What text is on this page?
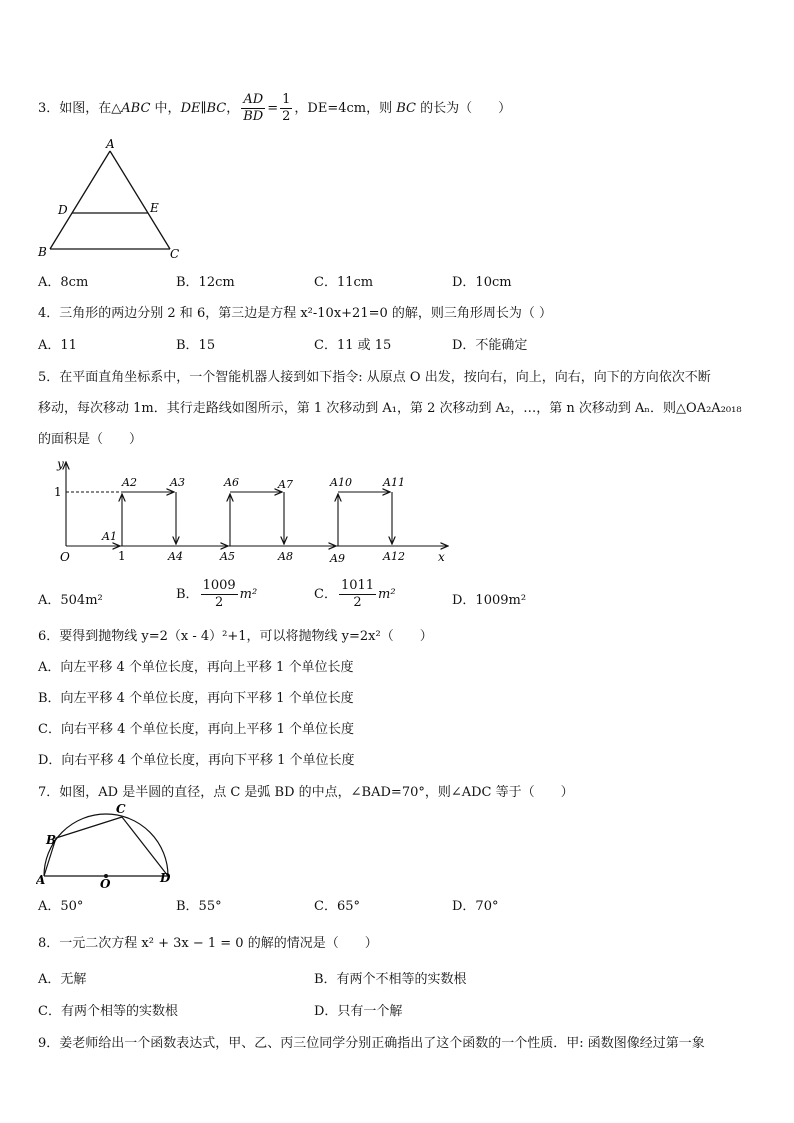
3．如图，在△ABC 中，DE∥BC， $\frac{AD}{BD} = \frac{1}{2}$ ，DE=4cm，则 BC 的长为（　　）
A
D	E
B	C
A．8cm	B．12cm	C．11cm	D．10cm
4．三角形的两边分别 2 和 6，第三边是方程 x²-10x+21=0 的解，则三角形周长为（ ）
A．11	B．15	C．11 或 15	D．不能确定
5．在平面直角坐标系中，一个智能机器人接到如下指令: 从原点 O 出发，按向右，向上，向右，向下的方向依次不断
移动，每次移动 1m．其行走路线如图所示，第 1 次移动到 A₁，第 2 次移动到 A₂，…，第 n 次移动到 Aₙ．则△OA₂A₂₀₁₈
的面积是（　　）
y
x
O
1
1
A1
A2	A3
A4	A5
A6	A7
A8	A9
A10	A11
A12
A．504m²	B． $\frac{1009}{2} m^2$	C． $\frac{1011}{2} m^2$	D．1009m²
6．要得到抛物线 y=2（x - 4）²+1，可以将抛物线 y=2x²（　　）
A．向左平移 4 个单位长度，再向上平移 1 个单位长度
B．向左平移 4 个单位长度，再向下平移 1 个单位长度
C．向右平移 4 个单位长度，再向上平移 1 个单位长度
D．向右平移 4 个单位长度，再向下平移 1 个单位长度
7．如图，AD 是半圆的直径，点 C 是弧 BD 的中点，∠BAD=70°，则∠ADC 等于（　　）
A
B
C
D
O
A．50°	B．55°	C．65°	D．70°
8．一元二次方程 x² + 3x − 1 = 0 的解的情况是（　　）
A．无解	B．有两个不相等的实数根
C．有两个相等的实数根	D．只有一个解
9．姜老师给出一个函数表达式，甲、乙、丙三位同学分别正确指出了这个函数的一个性质．甲: 函数图像经过第一象
